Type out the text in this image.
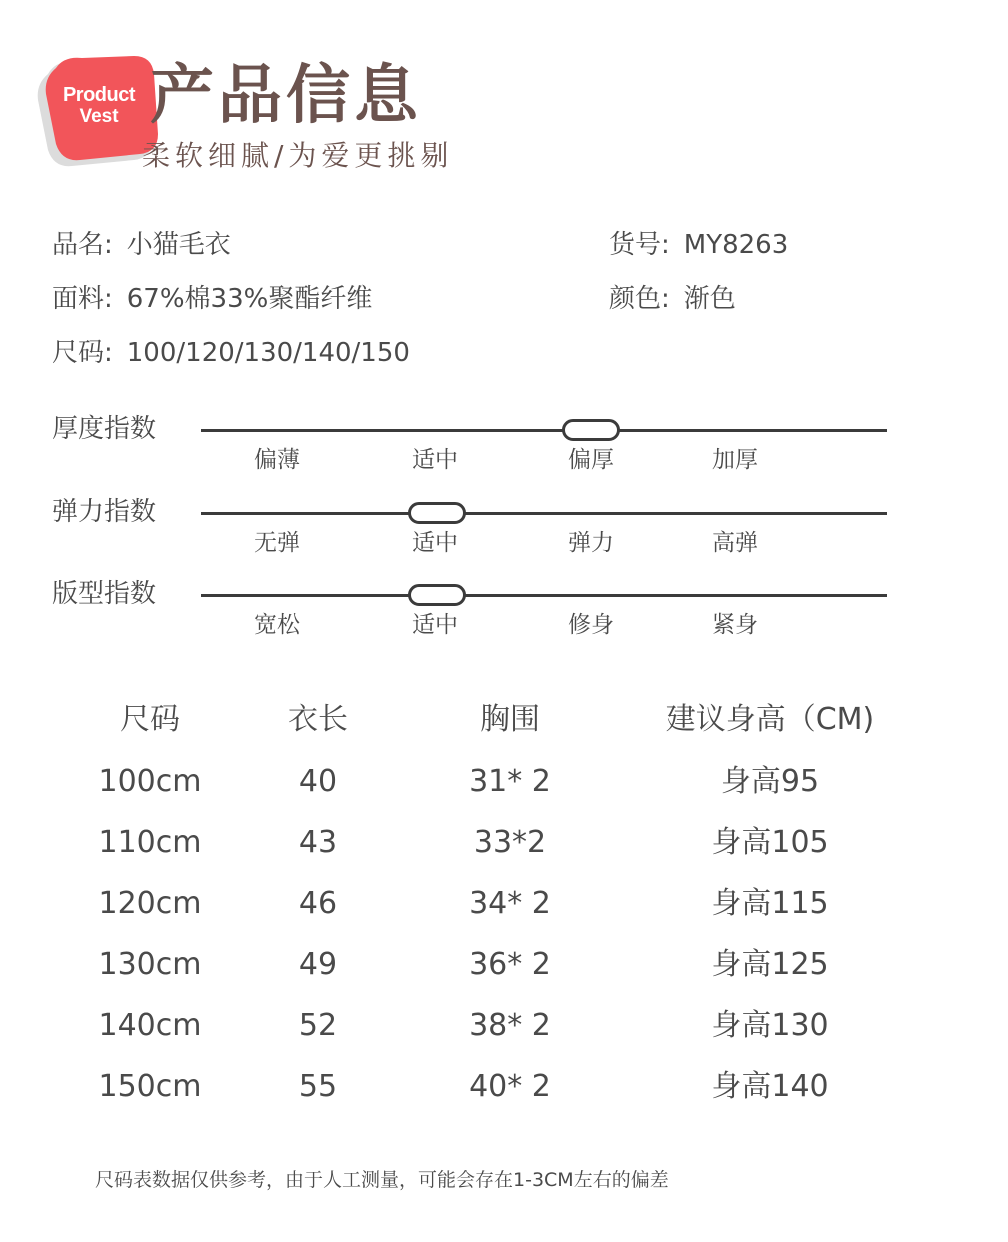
Product
Vest 产品信息
柔软细腻/为爱更挑剔
品名: 小猫毛衣	货号: MY8263
面料: 67%棉33%聚酯纤维	颜色: 渐色
尺码: 100/120/130/140/150
厚度指数
偏薄	适中	偏厚	加厚
弹力指数
无弹	适中	弹力	高弹
版型指数
宽松	适中	修身	紧身
尺码	衣长	胸围	建议身高（CM)
100cm	40	31* 2	身高95
110cm	43	33*2	身高105
120cm	46	34* 2	身高115
130cm	49	36* 2	身高125
140cm	52	38* 2	身高130
150cm	55	40* 2	身高140
尺码表数据仅供参考，由于人工测量，可能会存在1-3CM左右的偏差
